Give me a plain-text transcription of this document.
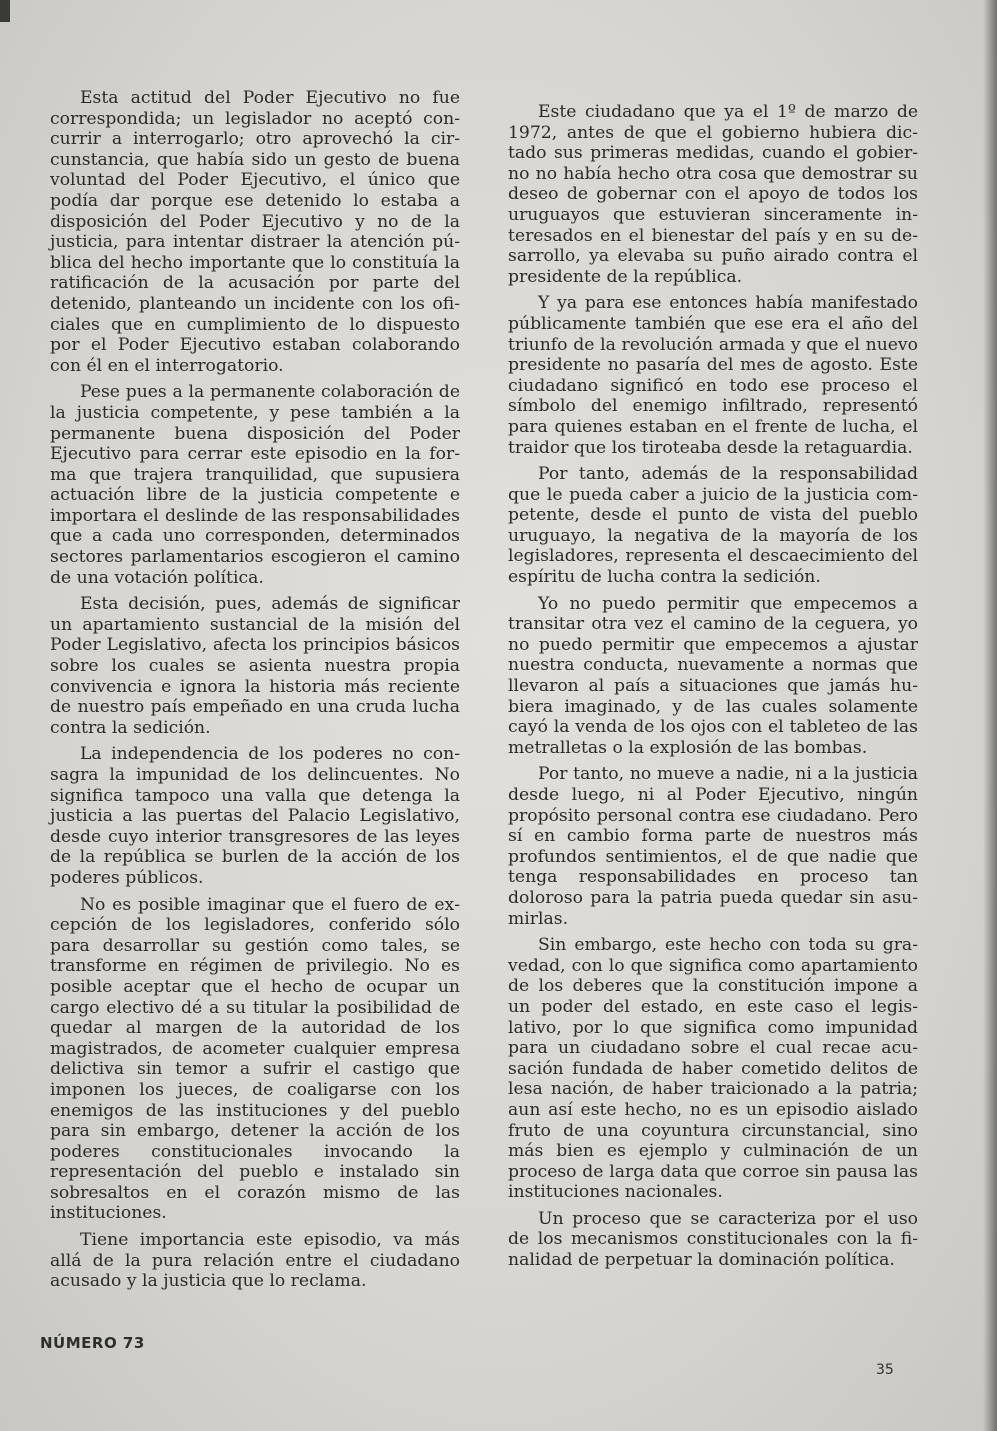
Esta actitud del Poder Ejecutivo no fue correspondida; un legislador no aceptó concurrir a interrogarlo; otro aprovechó la circunstancia, que había sido un gesto de buena voluntad del Poder Ejecutivo, el único que podía dar porque ese detenido lo estaba a disposición del Poder Ejecutivo y no de la justicia, para intentar distraer la atención pública del hecho importante que lo constituía la ratificación de la acusación por parte del detenido, planteando un incidente con los oficiales que en cumplimiento de lo dispuesto por el Poder Ejecutivo estaban colaborando con él en el interrogatorio.

Pese pues a la permanente colaboración de la justicia competente, y pese también a la permanente buena disposición del Poder Ejecutivo para cerrar este episodio en la forma que trajera tranquilidad, que supusiera actuación libre de la justicia competente e importara el deslinde de las responsabilidades que a cada uno corresponden, determinados sectores parlamentarios escogieron el camino de una votación política.

Esta decisión, pues, además de significar un apartamiento sustancial de la misión del Poder Legislativo, afecta los principios básicos sobre los cuales se asienta nuestra propia convivencia e ignora la historia más reciente de nuestro país empeñado en una cruda lucha contra la sedición.

La independencia de los poderes no consagra la impunidad de los delincuentes. No significa tampoco una valla que detenga la justicia a las puertas del Palacio Legislativo, desde cuyo interior transgresores de las leyes de la república se burlen de la acción de los poderes públicos.

No es posible imaginar que el fuero de excepción de los legisladores, conferido sólo para desarrollar su gestión como tales, se transforme en régimen de privilegio. No es posible aceptar que el hecho de ocupar un cargo electivo dé a su titular la posibilidad de quedar al margen de la autoridad de los magistrados, de acometer cualquier empresa delictiva sin temor a sufrir el castigo que imponen los jueces, de coaligarse con los enemigos de las instituciones y del pueblo para sin embargo, detener la acción de los poderes constitucionales invocando la representación del pueblo e instalado sin sobresaltos en el corazón mismo de las instituciones.

Tiene importancia este episodio, va más allá de la pura relación entre el ciudadano acusado y la justicia que lo reclama.

Este ciudadano que ya el 1º de marzo de 1972, antes de que el gobierno hubiera dictado sus primeras medidas, cuando el gobierno no había hecho otra cosa que demostrar su deseo de gobernar con el apoyo de todos los uruguayos que estuvieran sinceramente interesados en el bienestar del país y en su desarrollo, ya elevaba su puño airado contra el presidente de la república.

Y ya para ese entonces había manifestado públicamente también que ese era el año del triunfo de la revolución armada y que el nuevo presidente no pasaría del mes de agosto. Este ciudadano significó en todo ese proceso el símbolo del enemigo infiltrado, representó para quienes estaban en el frente de lucha, el traidor que los tiroteaba desde la retaguardia.

Por tanto, además de la responsabilidad que le pueda caber a juicio de la justicia competente, desde el punto de vista del pueblo uruguayo, la negativa de la mayoría de los legisladores, representa el descaecimiento del espíritu de lucha contra la sedición.

Yo no puedo permitir que empecemos a transitar otra vez el camino de la ceguera, yo no puedo permitir que empecemos a ajustar nuestra conducta, nuevamente a normas que llevaron al país a situaciones que jamás hubiera imaginado, y de las cuales solamente cayó la venda de los ojos con el tableteo de las metralletas o la explosión de las bombas.

Por tanto, no mueve a nadie, ni a la justicia desde luego, ni al Poder Ejecutivo, ningún propósito personal contra ese ciudadano. Pero sí en cambio forma parte de nuestros más profundos sentimientos, el de que nadie que tenga responsabilidades en proceso tan doloroso para la patria pueda quedar sin asumirlas.

Sin embargo, este hecho con toda su gravedad, con lo que significa como apartamiento de los deberes que la constitución impone a un poder del estado, en este caso el legislativo, por lo que significa como impunidad para un ciudadano sobre el cual recae acusación fundada de haber cometido delitos de lesa nación, de haber traicionado a la patria; aun así este hecho, no es un episodio aislado fruto de una coyuntura circunstancial, sino más bien es ejemplo y culminación de un proceso de larga data que corroe sin pausa las instituciones nacionales.

Un proceso que se caracteriza por el uso de los mecanismos constitucionales con la finalidad de perpetuar la dominación política.

NÚMERO 73
35
